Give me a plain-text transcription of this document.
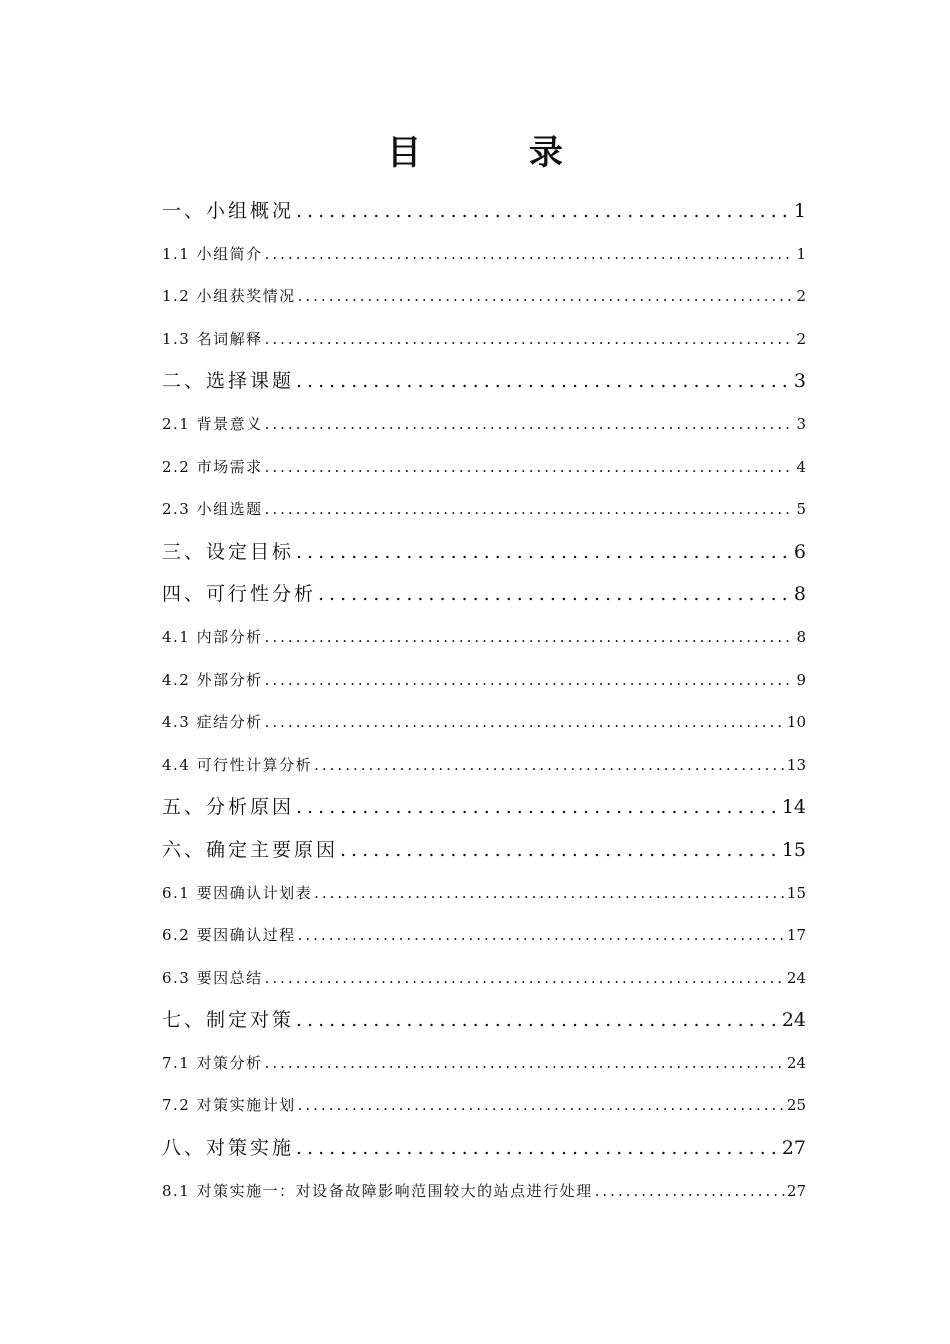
目 录
一、小组概况 .....	1
1.1 小组简介 .....	1
1.2 小组获奖情况 .....	2
1.3 名词解释 .....	2
二、选择课题 .....	3
2.1 背景意义 .....	3
2.2 市场需求 .....	4
2.3 小组选题 .....	5
三、设定目标 .....	6
四、可行性分析 .....	8
4.1 内部分析 .....	8
4.2 外部分析 .....	9
4.3 症结分析 .....	10
4.4 可行性计算分析 .....	13
五、分析原因 .....	14
六、确定主要原因 .....	15
6.1 要因确认计划表 .....	15
6.2 要因确认过程 .....	17
6.3 要因总结 .....	24
七、制定对策 .....	24
7.1 对策分析 .....	24
7.2 对策实施计划 .....	25
八、对策实施 .....	27
8.1 对策实施一：对设备故障影响范围较大的站点进行处理 .....	27
